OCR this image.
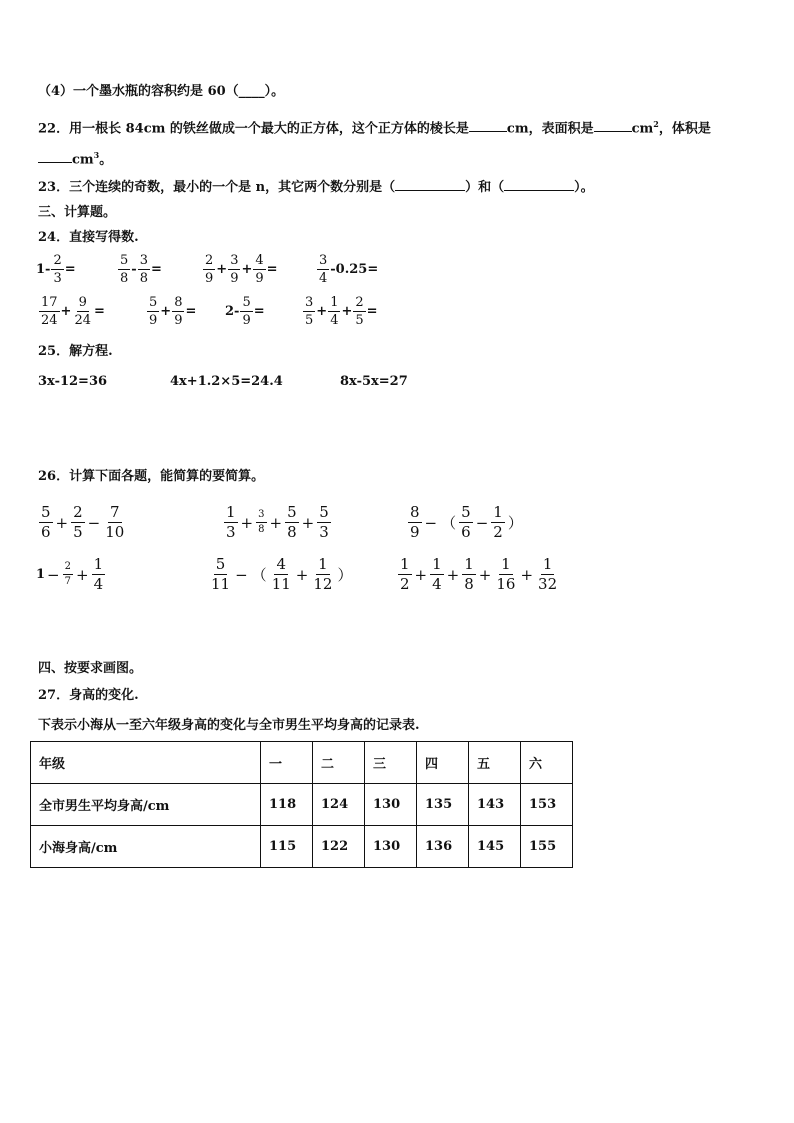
（4）一个墨水瓶的容积约是 60（____）。
22．用一根长 84cm 的铁丝做成一个最大的正方体，这个正方体的棱长是	cm，表面积是	$cm^2$，体积是
$cm^3$。
23．三个连续的奇数，最小的一个是 n，其它两个数分别是（	）和（	）。
三、计算题。
24．直接写得数.
$1 - \frac{2}{3}$ =	$\frac{5}{8} - \frac{3}{8}$ =	$\frac{2}{9} + \frac{3}{9} + \frac{4}{9}$ =	$\frac{3}{4} -0.25=$
$\frac{17}{24} + \frac{9}{24}$ =	$\frac{5}{9} + \frac{8}{9} = 2 - \frac{5}{9}$ =	$\frac{3}{5} + \frac{1}{4} + \frac{2}{5}$ =
25．解方程.
3x-12=36	4x+1.2×5=24.4	8x-5x=27
26．计算下面各题，能简算的要简算。
$\frac{5}{6} + \frac{2}{5} - \frac{7}{10}$	$\frac{1}{3} + \frac{3}{8} + \frac{5}{8} + \frac{5}{3}$	$\frac{8}{9}$ − （ $\frac{5}{6} - \frac{1}{2}$ ）
$1 - \frac{2}{7} + \frac{1}{4}$	$\frac{5}{11}$ − （ $\frac{4}{11} + \frac{1}{12}$ ）	$\frac{1}{2} + \frac{1}{4} + \frac{1}{8} + \frac{1}{16} + \frac{1}{32}$
四、按要求画图。
27．身高的变化.
下表示小海从一至六年级身高的变化与全市男生平均身高的记录表.
年级	一	二	三	四	五	六
全市男生平均身高/cm	118	124	130	135	143	153
小海身高/cm	115	122	130	136	145	155
